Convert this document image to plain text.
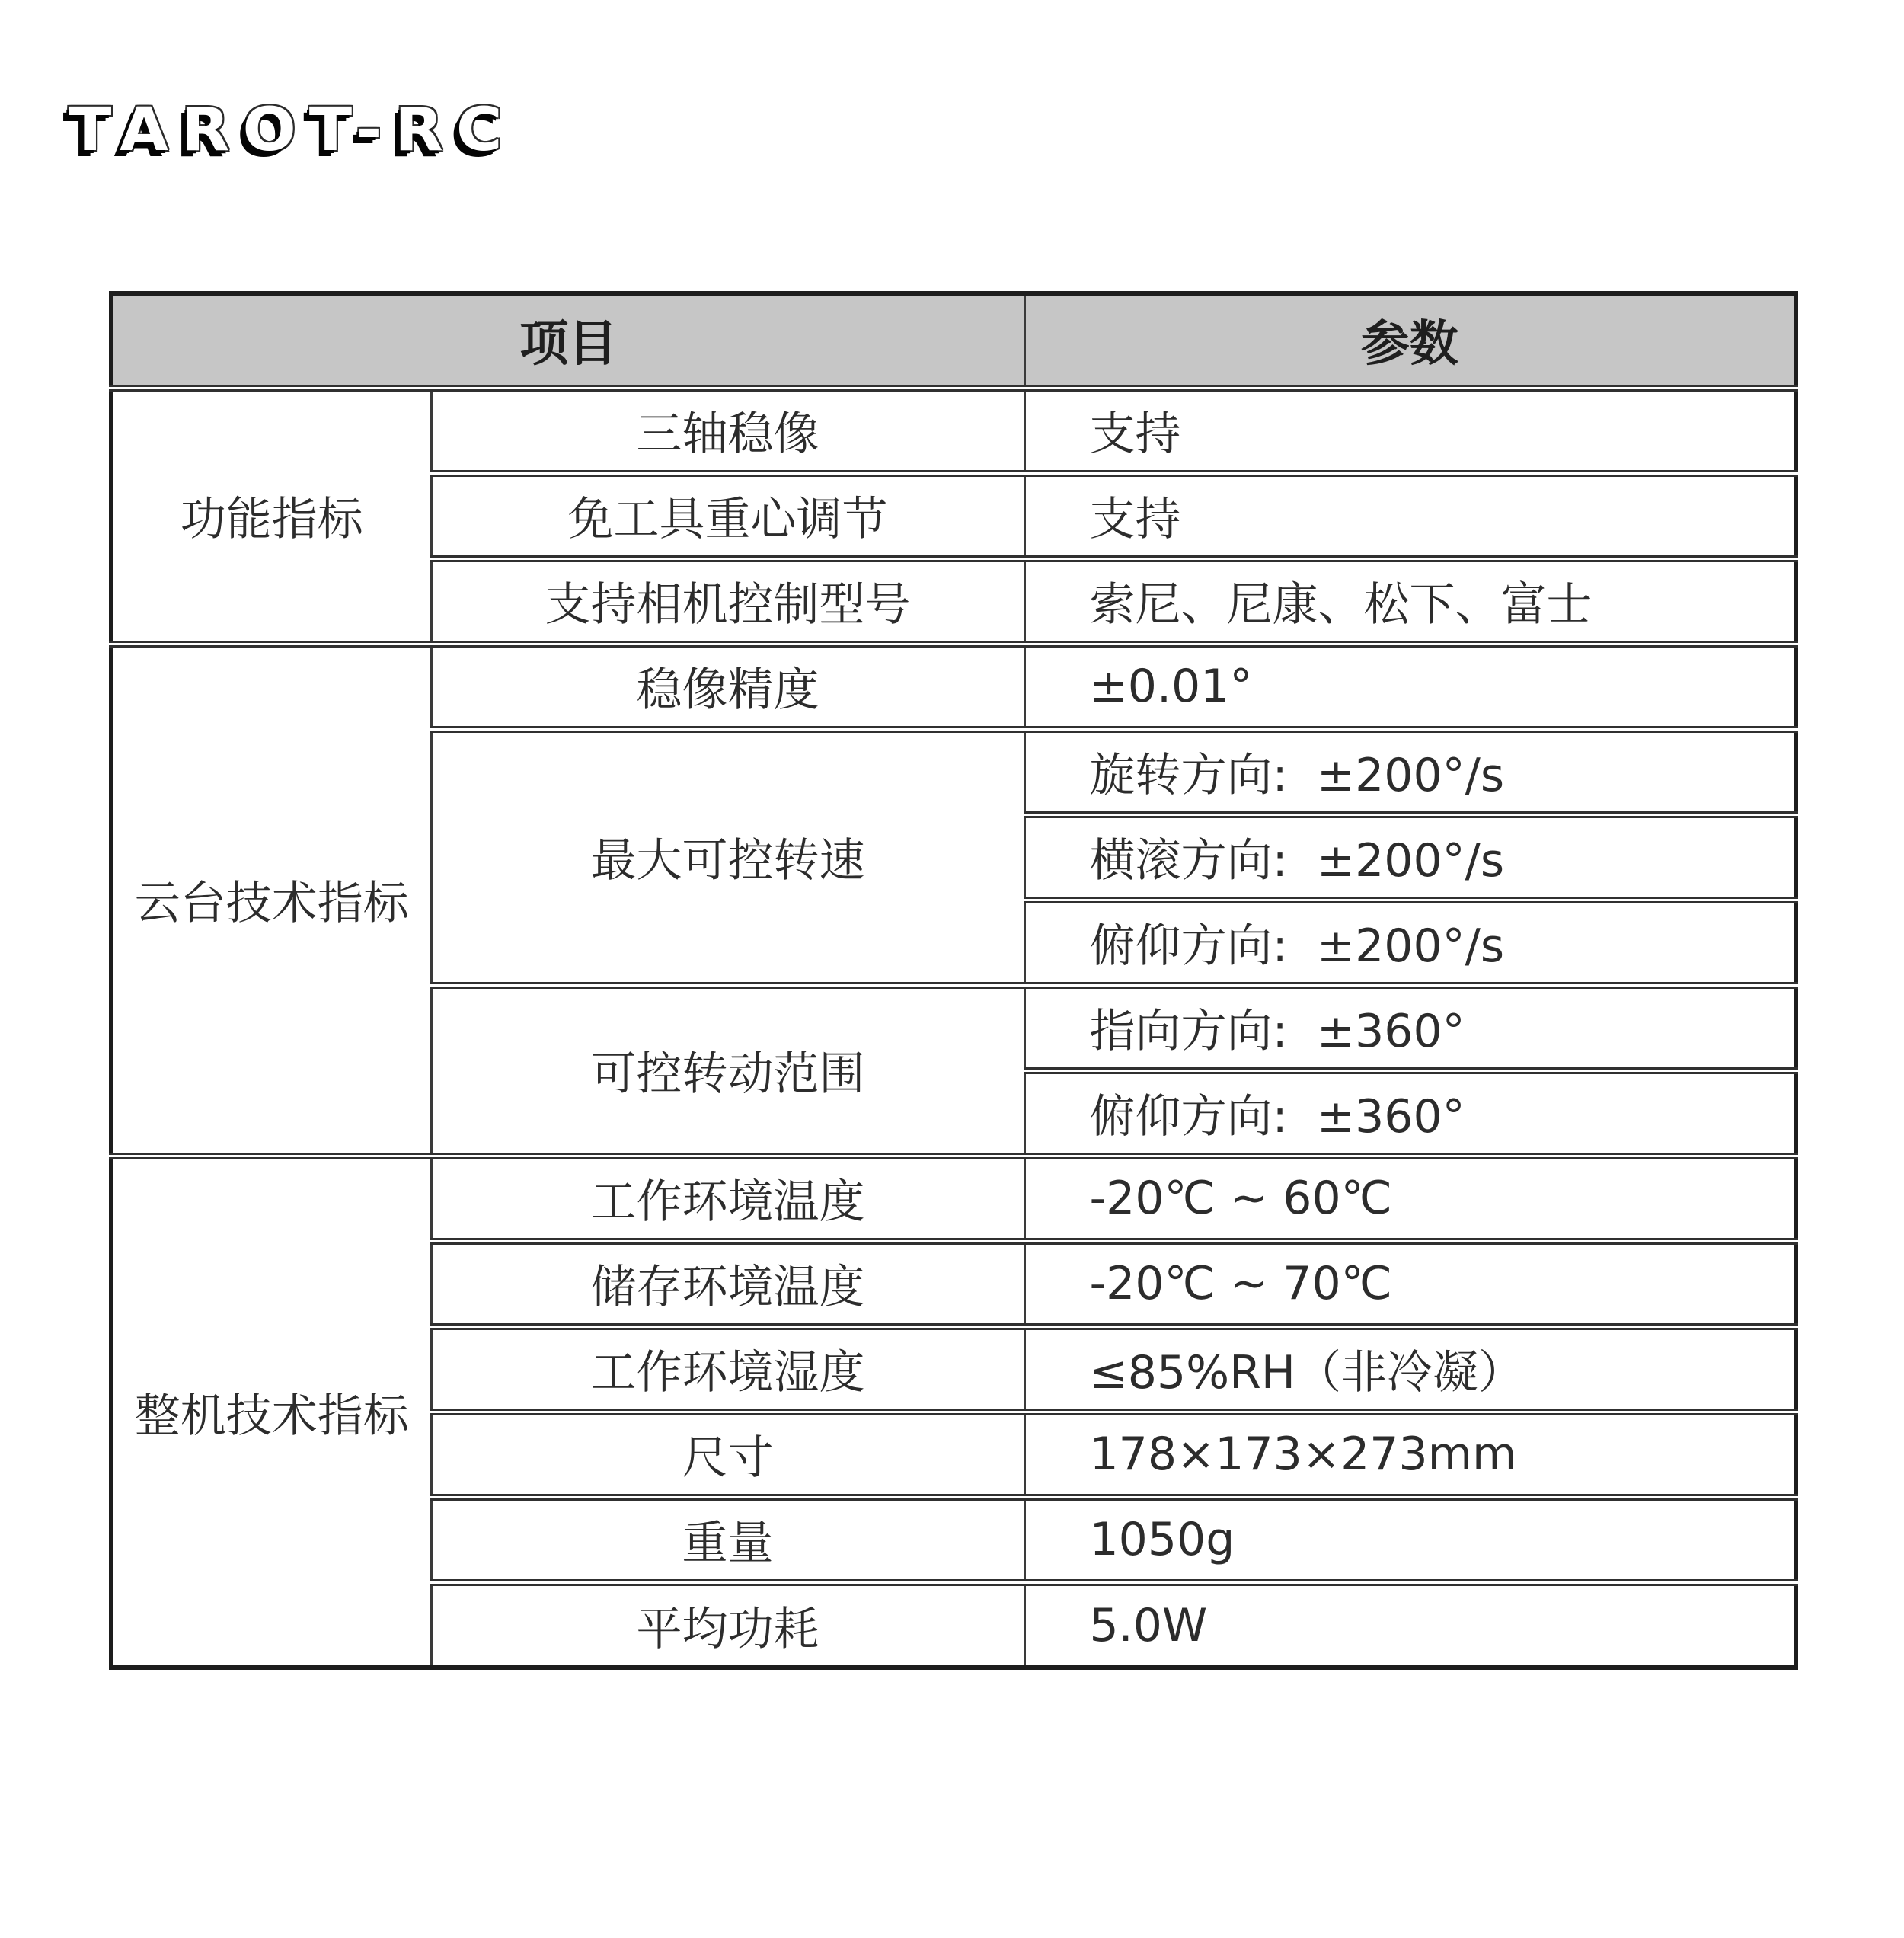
TAROT-RC
项目		参数
功能指标	三轴稳像	支持
	免工具重心调节	支持
	支持相机控制型号	索尼、尼康、松下、富士
云台技术指标	稳像精度	±0.01°
	最大可控转速	旋转方向:  ±200°/s
		横滚方向:  ±200°/s
		俯仰方向:  ±200°/s
	可控转动范围	指向方向:  ±360°
		俯仰方向:  ±360°
整机技术指标	工作环境温度	-20℃ ~ 60℃
	储存环境温度	-20℃ ~ 70℃
	工作环境湿度	≤85%RH（非冷凝）
	尺寸	178×173×273mm
	重量	1050g
	平均功耗	5.0W
